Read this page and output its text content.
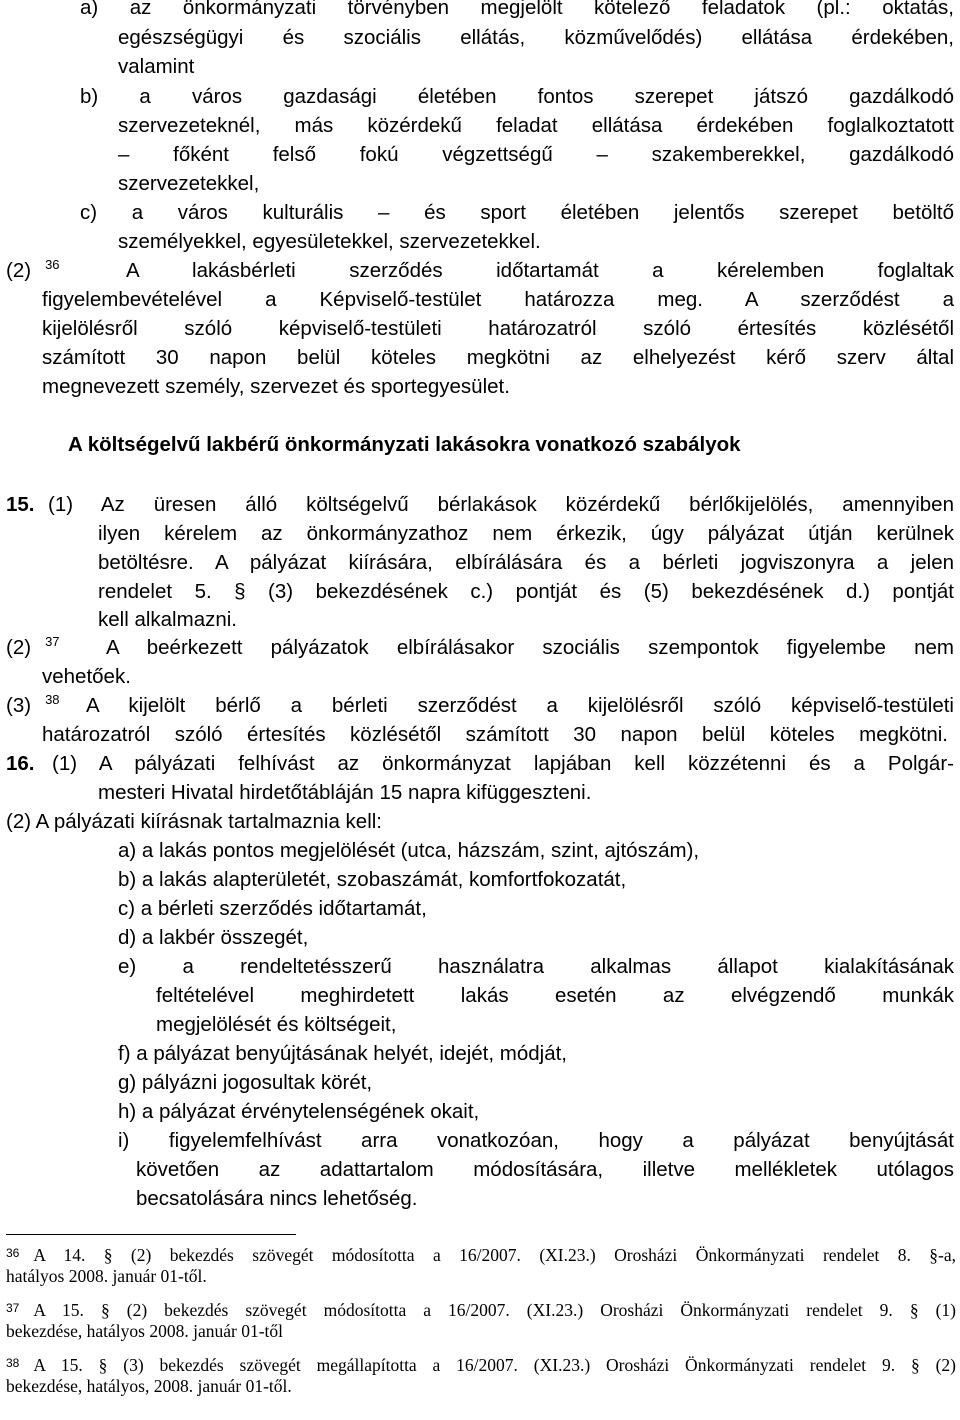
a) az önkormányzati törvényben megjelölt kötelező feladatok (pl.: oktatás,
egészségügyi és szociális ellátás, közművelődés) ellátása érdekében,
valamint
b) a város gazdasági életében fontos szerepet játszó gazdálkodó
szervezeteknél, más közérdekű feladat ellátása érdekében foglalkoztatott
– főként felső fokú végzettségű – szakemberekkel, gazdálkodó
szervezetekkel,
c) a város kulturális – és sport életében jelentős szerepet betöltő
személyekkel, egyesületekkel, szervezetekkel.
(2) $^{36}$	A lakásbérleti szerződés időtartamát a kérelemben foglaltak
figyelembevételével a Képviselő-testület határozza meg. A szerződést a
kijelölésről szóló képviselő-testületi határozatról szóló értesítés közlésétől
számított 30 napon belül köteles megkötni az elhelyezést kérő szerv által
megnevezett személy, szervezet és sportegyesület.
A költségelvű lakbérű önkormányzati lakásokra vonatkozó szabályok
15. (1) Az üresen álló költségelvű bérlakások közérdekű bérlőkijelölés, amennyiben
ilyen kérelem az önkormányzathoz nem érkezik, úgy pályázat útján kerülnek
betöltésre. A pályázat kiírására, elbírálására és a bérleti jogviszonyra a jelen
rendelet 5. § (3) bekezdésének c.) pontját és (5) bekezdésének d.) pontját
kell alkalmazni.
(2) $^{37}$	A beérkezett pályázatok elbírálásakor szociális szempontok figyelembe nem
vehetőek.
(3) $^{38}$	A kijelölt bérlő a bérleti szerződést a kijelölésről szóló képviselő-testületi
határozatról szóló értesítés közlésétől számított 30 napon belül köteles megkötni.
16. (1) A pályázati felhívást az önkormányzat lapjában kell közzétenni és a Polgár-
mesteri Hivatal hirdetőtábláján 15 napra kifüggeszteni.
(2) A pályázati kiírásnak tartalmaznia kell:
a) a lakás pontos megjelölését (utca, házszám, szint, ajtószám),
b) a lakás alapterületét, szobaszámát, komfortfokozatát,
c) a bérleti szerződés időtartamát,
d) a lakbér összegét,
e) a rendeltetésszerű használatra alkalmas állapot kialakításának
feltételével meghirdetett lakás esetén az elvégzendő munkák
megjelölését és költségeit,
f) a pályázat benyújtásának helyét, idejét, módját,
g) pályázni jogosultak körét,
h) a pályázat érvénytelenségének okait,
i) figyelemfelhívást arra vonatkozóan, hogy a pályázat benyújtását
követően az adattartalom módosítására, illetve mellékletek utólagos
becsatolására nincs lehetőség.
$^{36}$ A 14. § (2) bekezdés szövegét módosította a 16/2007. (XI.23.) Orosházi Önkormányzati rendelet 8. §-a,
hatályos 2008. január 01-től.
$^{37}$ A 15. § (2) bekezdés szövegét módosította a 16/2007. (XI.23.) Orosházi Önkormányzati rendelet 9. § (1)
bekezdése, hatályos 2008. január 01-től
$^{38}$ A 15. § (3) bekezdés szövegét megállapította a 16/2007. (XI.23.) Orosházi Önkormányzati rendelet 9. § (2)
bekezdése, hatályos, 2008. január 01-től.
